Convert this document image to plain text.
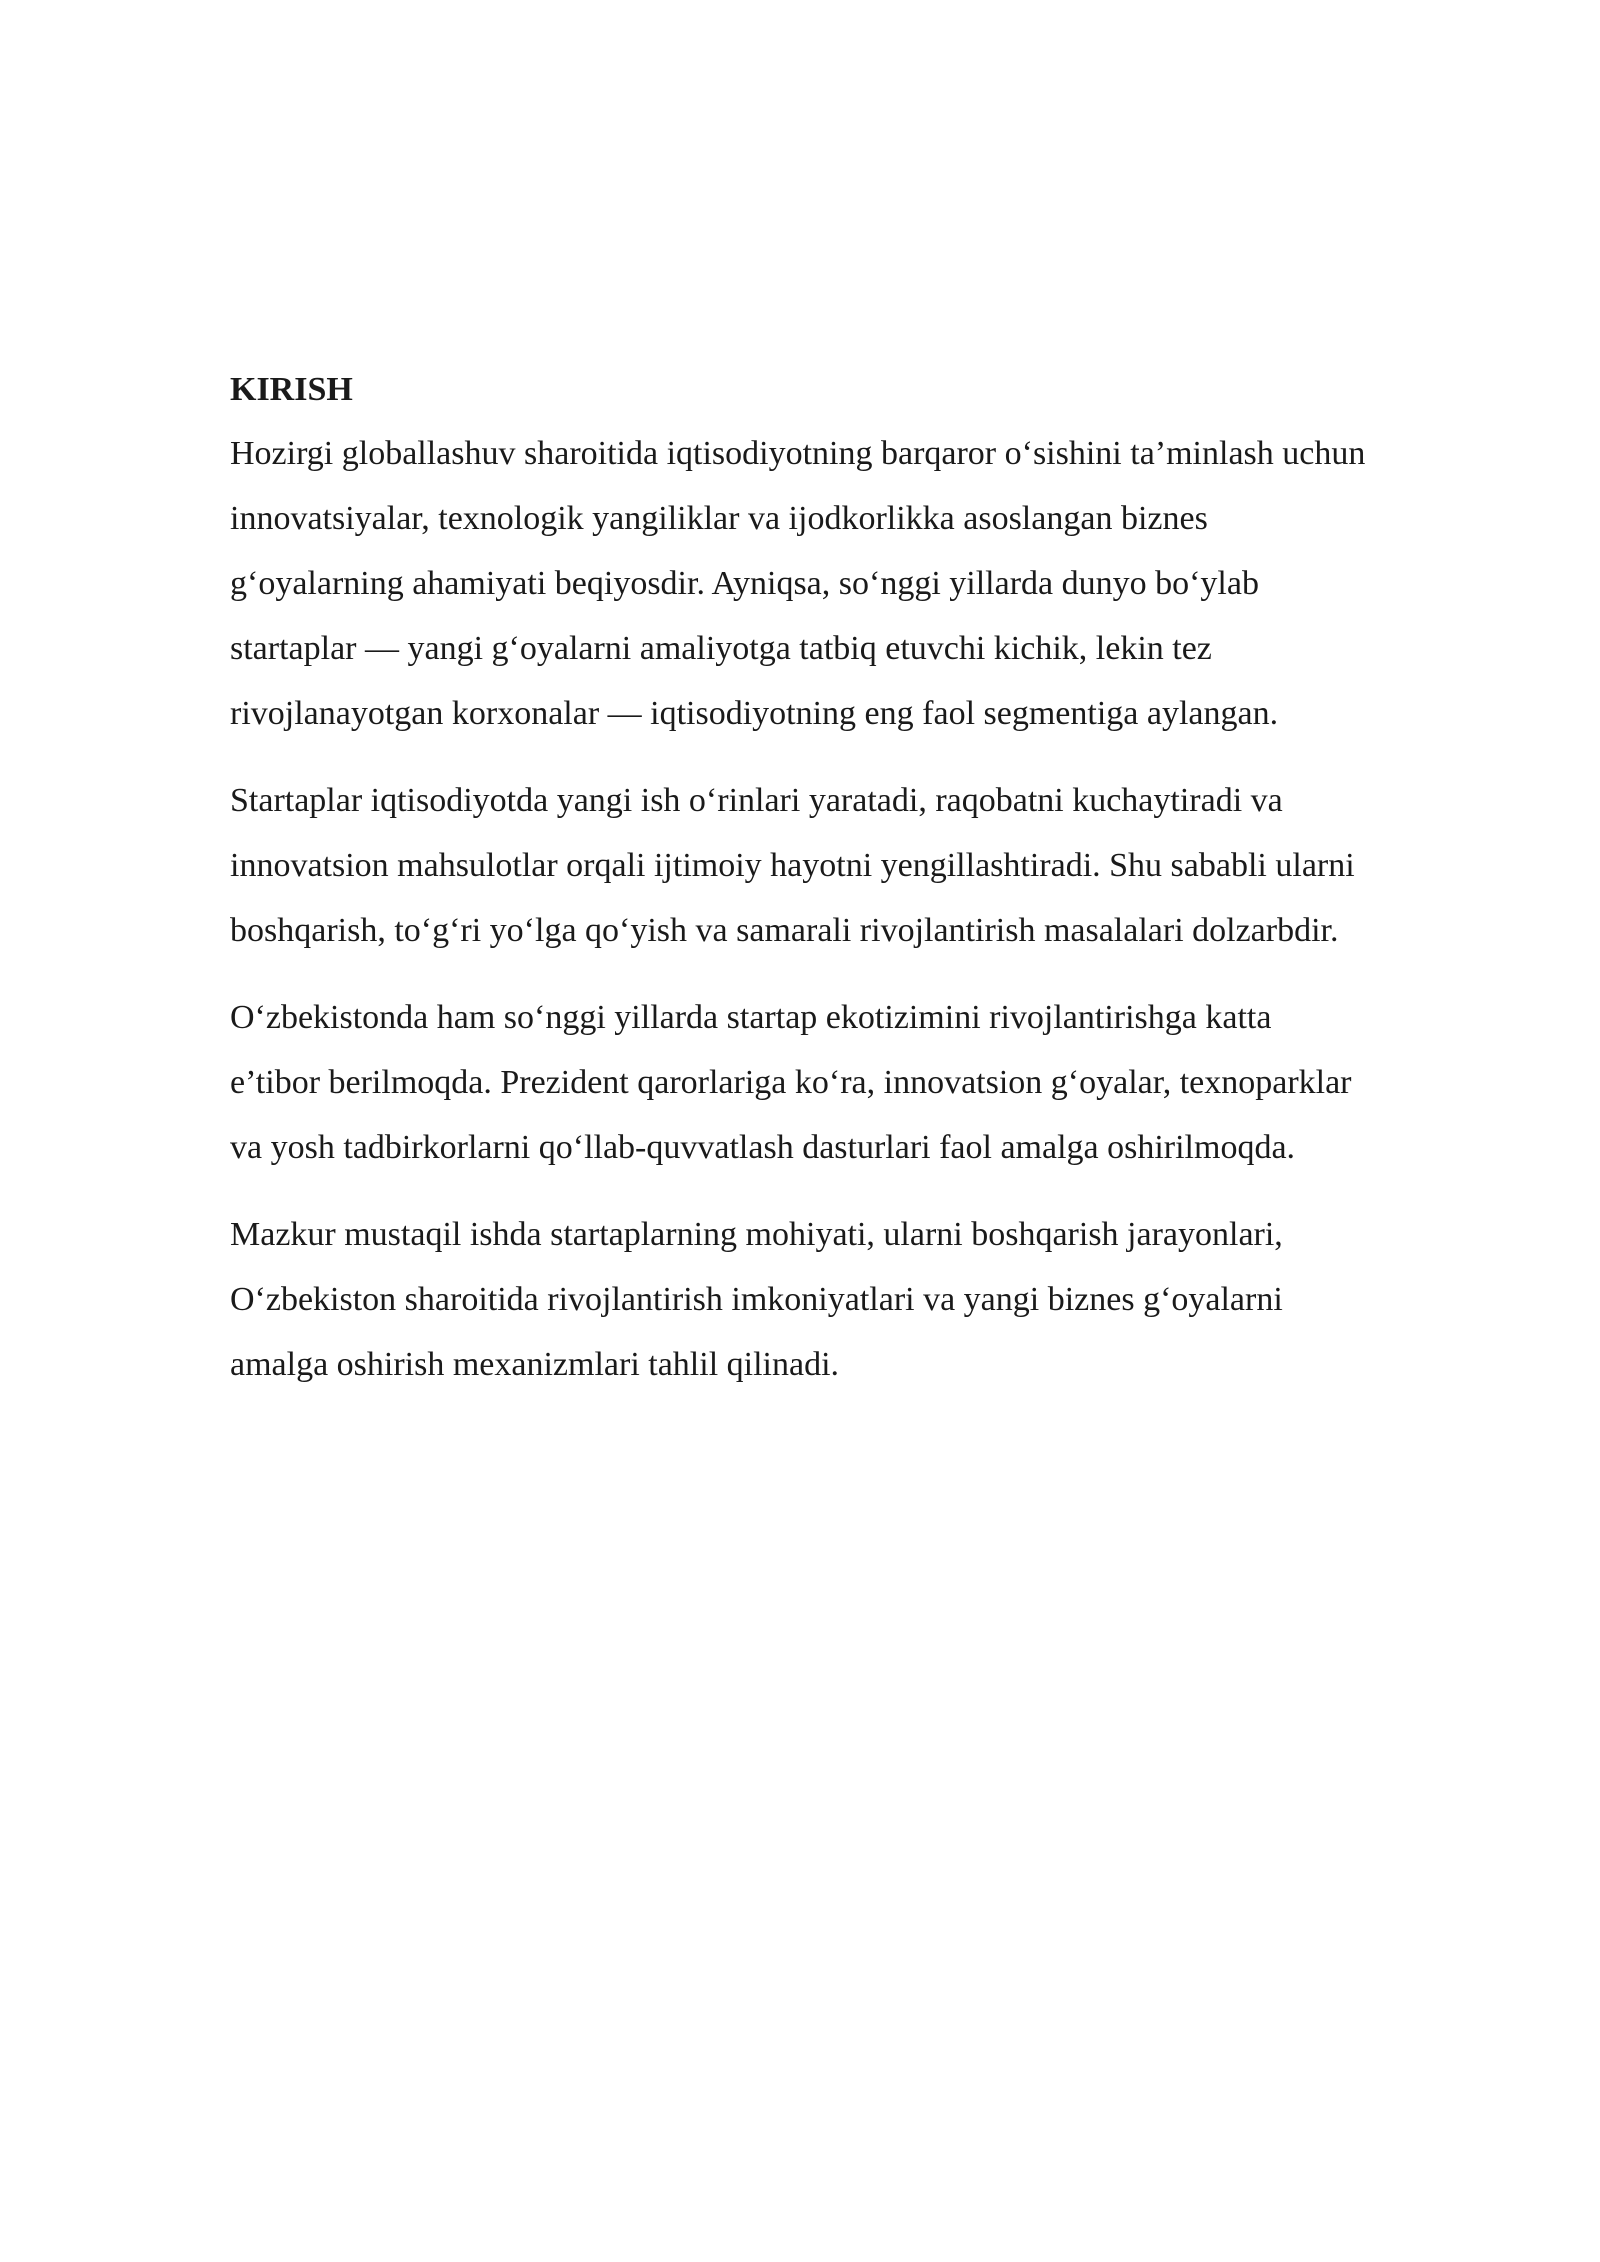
KIRISH

Hozirgi globallashuv sharoitida iqtisodiyotning barqaror o‘sishini ta’minlash uchun
innovatsiyalar, texnologik yangiliklar va ijodkorlikka asoslangan biznes
g‘oyalarning ahamiyati beqiyosdir. Ayniqsa, so‘nggi yillarda dunyo bo‘ylab
startaplar — yangi g‘oyalarni amaliyotga tatbiq etuvchi kichik, lekin tez
rivojlanayotgan korxonalar — iqtisodiyotning eng faol segmentiga aylangan.

Startaplar iqtisodiyotda yangi ish o‘rinlari yaratadi, raqobatni kuchaytiradi va
innovatsion mahsulotlar orqali ijtimoiy hayotni yengillashtiradi. Shu sababli ularni
boshqarish, to‘g‘ri yo‘lga qo‘yish va samarali rivojlantirish masalalari dolzarbdir.

O‘zbekistonda ham so‘nggi yillarda startap ekotizimini rivojlantirishga katta
e’tibor berilmoqda. Prezident qarorlariga ko‘ra, innovatsion g‘oyalar, texnoparklar
va yosh tadbirkorlarni qo‘llab-quvvatlash dasturlari faol amalga oshirilmoqda.

Mazkur mustaqil ishda startaplarning mohiyati, ularni boshqarish jarayonlari,
O‘zbekiston sharoitida rivojlantirish imkoniyatlari va yangi biznes g‘oyalarni
amalga oshirish mexanizmlari tahlil qilinadi.
